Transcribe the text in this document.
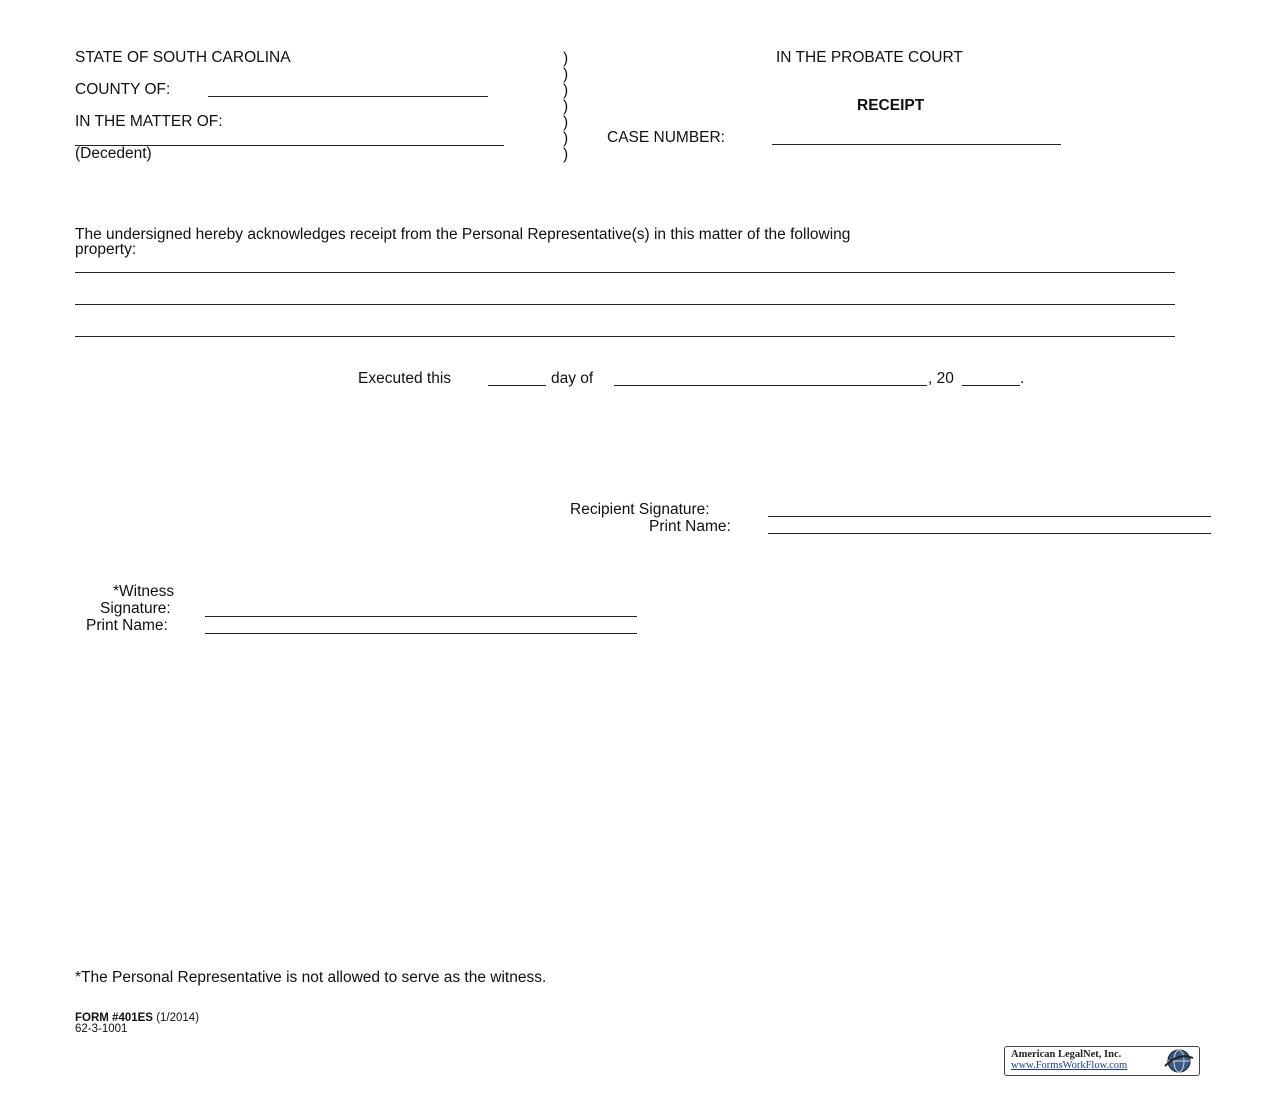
STATE OF SOUTH CAROLINA
COUNTY OF:
IN THE MATTER OF:
(Decedent)
)
)
)
)
)
)
)
IN THE PROBATE COURT
RECEIPT
CASE NUMBER:
The undersigned hereby acknowledges receipt from the Personal Representative(s) in this matter of the following
property:
Executed this	day of	, 20	.
Recipient Signature:
Print Name:
*Witness
Signature:
Print Name:
*The Personal Representative is not allowed to serve as the witness.
FORM #401ES (1/2014)
62-3-1001
American LegalNet, Inc.
www.FormsWorkFlow.com
